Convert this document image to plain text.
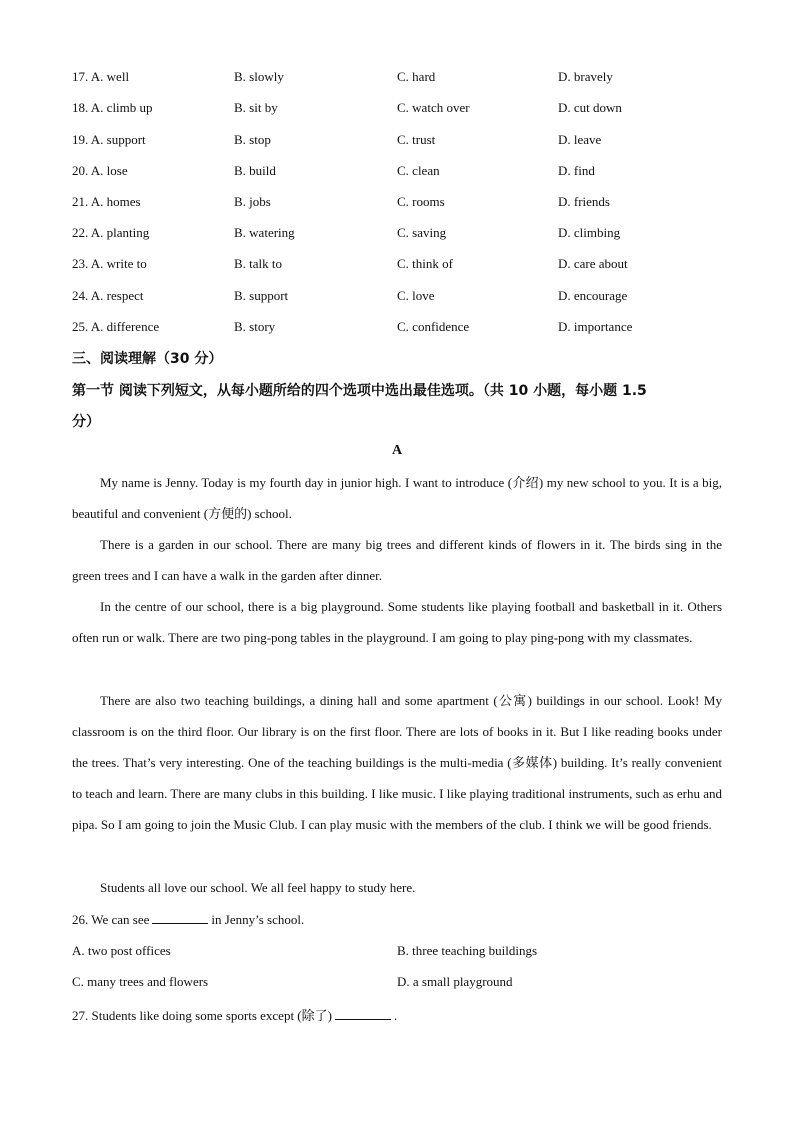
17. A. well	B. slowly	C. hard	D. bravely
18. A. climb up	B. sit by	C. watch over	D. cut down
19. A. support	B. stop	C. trust	D. leave
20. A. lose	B. build	C. clean	D. find
21. A. homes	B. jobs	C. rooms	D. friends
22. A. planting	B. watering	C. saving	D. climbing
23. A. write to	B. talk to	C. think of	D. care about
24. A. respect	B. support	C. love	D. encourage
25. A. difference	B. story	C. confidence	D. importance
三、阅读理解（30 分）
第一节 阅读下列短文，从每小题所给的四个选项中选出最佳选项。（共 10 小题，每小题 1.5
分）
A
My name is Jenny. Today is my fourth day in junior high. I want to introduce (介绍) my new school to you. It is a big, beautiful and convenient (方便的) school.
There is a garden in our school. There are many big trees and different kinds of flowers in it. The birds sing in the green trees and I can have a walk in the garden after dinner.
In the centre of our school, there is a big playground. Some students like playing football and basketball in it. Others often run or walk. There are two ping-pong tables in the playground. I am going to play ping-pong with my classmates.
There are also two teaching buildings, a dining hall and some apartment (公寓) buildings in our school. Look! My classroom is on the third floor. Our library is on the first floor. There are lots of books in it. But I like reading books under the trees. That’s very interesting. One of the teaching buildings is the multi-media (多媒体) building. It’s really convenient to teach and learn. There are many clubs in this building. I like music. I like playing traditional instruments, such as erhu and pipa. So I am going to join the Music Club. I can play music with the members of the club. I think we will be good friends.
Students all love our school. We all feel happy to study here.
26. We can see	in Jenny’s school.
A. two post offices	B. three teaching buildings
C. many trees and flowers	D. a small playground
27. Students like doing some sports except (除了)	.
